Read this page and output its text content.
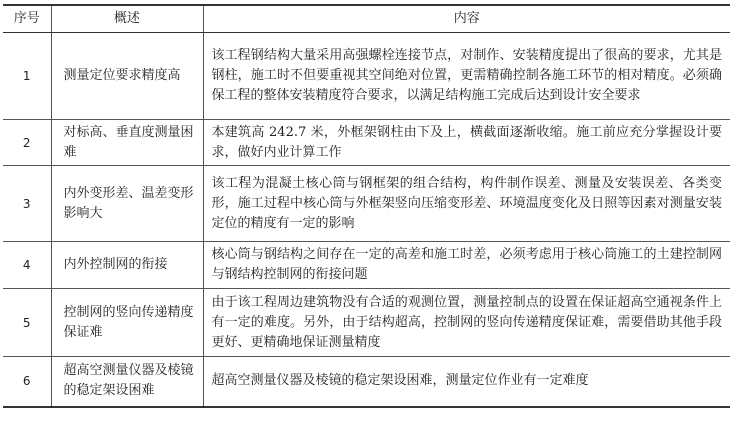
序号	概述	内容
1	测量定位要求精度高	该工程钢结构大量采用高强螺栓连接节点，对制作、安装精度提出了很高的要求，尤其是钢柱，施工时不但要重视其空间绝对位置，更需精确控制各施工环节的相对精度。必须确保工程的整体安装精度符合要求，以满足结构施工完成后达到设计安全要求
2	对标高、垂直度测量困难	本建筑高 242.7 米，外框架钢柱由下及上，横截面逐渐收缩。施工前应充分掌握设计要求，做好内业计算工作
3	内外变形差、温差变形影响大	该工程为混凝土核心筒与钢框架的组合结构，构件制作误差、测量及安装误差、各类变形，施工过程中核心筒与外框架竖向压缩变形差、环境温度变化及日照等因素对测量安装定位的精度有一定的影响
4	内外控制网的衔接	核心筒与钢结构之间存在一定的高差和施工时差，必须考虑用于核心筒施工的土建控制网与钢结构控制网的衔接问题
5	控制网的竖向传递精度保证难	由于该工程周边建筑物没有合适的观测位置，测量控制点的设置在保证超高空通视条件上有一定的难度。另外，由于结构超高，控制网的竖向传递精度保证难，需要借助其他手段更好、更精确地保证测量精度
6	超高空测量仪器及棱镜的稳定架设困难	超高空测量仪器及棱镜的稳定架设困难，测量定位作业有一定难度
